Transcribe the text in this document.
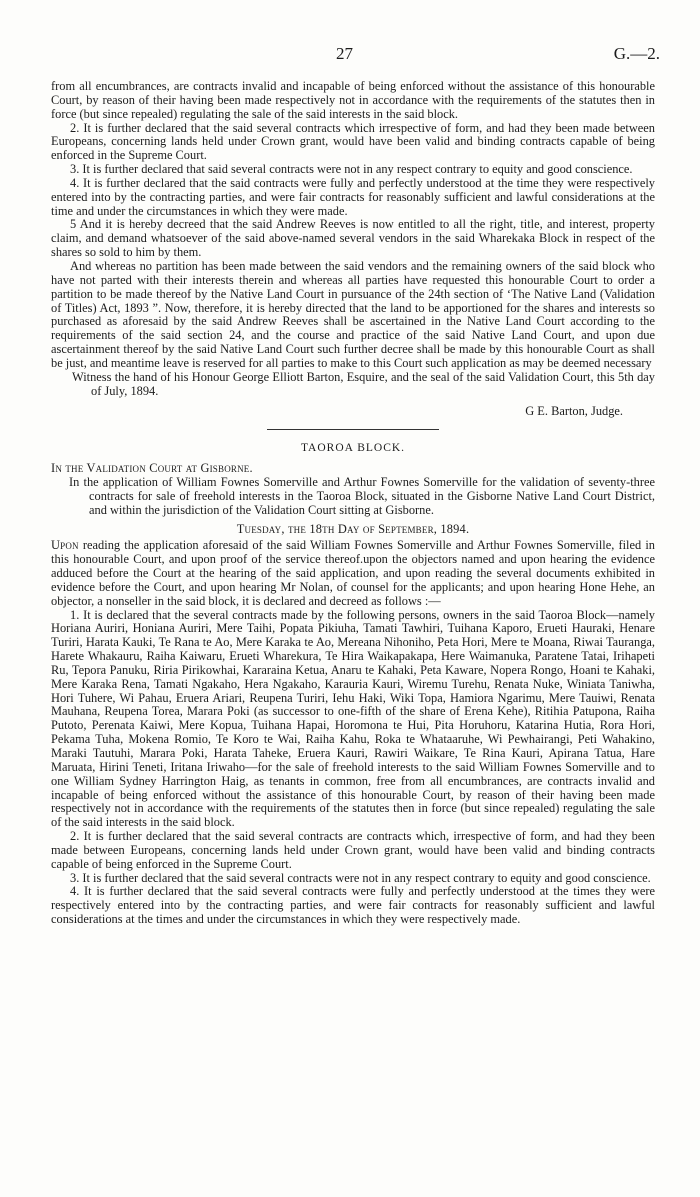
27	G.—2.

from all encumbrances, are contracts invalid and incapable of being enforced without the assistance of this honourable Court, by reason of their having been made respectively not in accordance with the requirements of the statutes then in force (but since repealed) regulating the sale of the said interests in the said block.

2. It is further declared that the said several contracts which irrespective of form, and had they been made between Europeans, concerning lands held under Crown grant, would have been valid and binding contracts capable of being enforced in the Supreme Court.

3. It is further declared that said several contracts were not in any respect contrary to equity and good conscience.

4. It is further declared that the said contracts were fully and perfectly understood at the time they were respectively entered into by the contracting parties, and were fair contracts for reasonably sufficient and lawful considerations at the time and under the circumstances in which they were made.

5 And it is hereby decreed that the said Andrew Reeves is now entitled to all the right, title, and interest, property claim, and demand whatsoever of the said above-named several vendors in the said Wharekaka Block in respect of the shares so sold to him by them.

And whereas no partition has been made between the said vendors and the remaining owners of the said block who have not parted with their interests therein and whereas all parties have requested this honourable Court to order a partition to be made thereof by the Native Land Court in pursuance of the 24th section of ‘The Native Land (Validation of Titles) Act, 1893 ”. Now, therefore, it is hereby directed that the land to be apportioned for the shares and interests so purchased as aforesaid by the said Andrew Reeves shall be ascertained in the Native Land Court according to the requirements of the said section 24, and the course and practice of the said Native Land Court, and upon due ascertainment thereof by the said Native Land Court such further decree shall be made by this honourable Court as shall be just, and meantime leave is reserved for all parties to make to this Court such application as may be deemed necessary

Witness the hand of his Honour George Elliott Barton, Esquire, and the seal of the said Validation Court, this 5th day of July, 1894.

G E. Barton, Judge.

TAOROA BLOCK.

In the Validation Court at Gisborne.

In the application of William Fownes Somerville and Arthur Fownes Somerville for the validation of seventy-three contracts for sale of freehold interests in the Taoroa Block, situated in the Gisborne Native Land Court District, and within the jurisdiction of the Validation Court sitting at Gisborne.

Tuesday, the 18th Day of September, 1894.

Upon reading the application aforesaid of the said William Fownes Somerville and Arthur Fownes Somerville, filed in this honourable Court, and upon proof of the service thereof.upon the objectors named and upon hearing the evidence adduced before the Court at the hearing of the said application, and upon reading the several documents exhibited in evidence before the Court, and upon hearing Mr Nolan, of counsel for the applicants; and upon hearing Hone Hehe, an objector, a nonseller in the said block, it is declared and decreed as follows :—

1. It is declared that the several contracts made by the following persons, owners in the said Taoroa Block—namely Horiana Auriri, Honiana Auriri, Mere Taihi, Popata Pikiuha, Tamati Tawhiri, Tuihana Kaporo, Erueti Hauraki, Henare Turiri, Harata Kauki, Te Rana te Ao, Mere Karaka te Ao, Mereana Nihoniho, Peta Hori, Mere te Moana, Riwai Tauranga, Harete Whakauru, Raiha Kaiwaru, Erueti Wharekura, Te Hira Waikapakapa, Here Waimanuka, Paratene Tatai, Irihapeti Ru, Tepora Panuku, Riria Pirikowhai, Kararaina Ketua, Anaru te Kahaki, Peta Kaware, Nopera Rongo, Hoani te Kahaki, Mere Karaka Rena, Tamati Ngakaho, Hera Ngakaho, Karauria Kauri, Wiremu Turehu, Renata Nuke, Winiata Taniwha, Hori Tuhere, Wi Pahau, Eruera Ariari, Reupena Turiri, Iehu Haki, Wiki Topa, Hamiora Ngarimu, Mere Tauiwi, Renata Mauhana, Reupena Torea, Marara Poki (as successor to one-fifth of the share of Erena Kehe), Ritihia Patupona, Raiha Putoto, Perenata Kaiwi, Mere Kopua, Tuihana Hapai, Horomona te Hui, Pita Horuhoru, Katarina Hutia, Rora Hori, Pekama Tuha, Mokena Romio, Te Koro te Wai, Raiha Kahu, Roka te Whataaruhe, Wi Pewhairangi, Peti Wahakino, Maraki Tautuhi, Marara Poki, Harata Taheke, Eruera Kauri, Rawiri Waikare, Te Rina Kauri, Apirana Tatua, Hare Maruata, Hirini Teneti, Iritana Iriwaho—for the sale of freehold interests to the said William Fownes Somerville and to one William Sydney Harrington Haig, as tenants in common, free from all encumbrances, are contracts invalid and incapable of being enforced without the assistance of this honourable Court, by reason of their having been made respectively not in accordance with the requirements of the statutes then in force (but since repealed) regulating the sale of the said interests in the said block.

2. It is further declared that the said several contracts are contracts which, irrespective of form, and had they been made between Europeans, concerning lands held under Crown grant, would have been valid and binding contracts capable of being enforced in the Supreme Court.

3. It is further declared that the said several contracts were not in any respect contrary to equity and good conscience.

4. It is further declared that the said several contracts were fully and perfectly understood at the times they were respectively entered into by the contracting parties, and were fair contracts for reasonably sufficient and lawful considerations at the times and under the circumstances in which they were respectively made.
